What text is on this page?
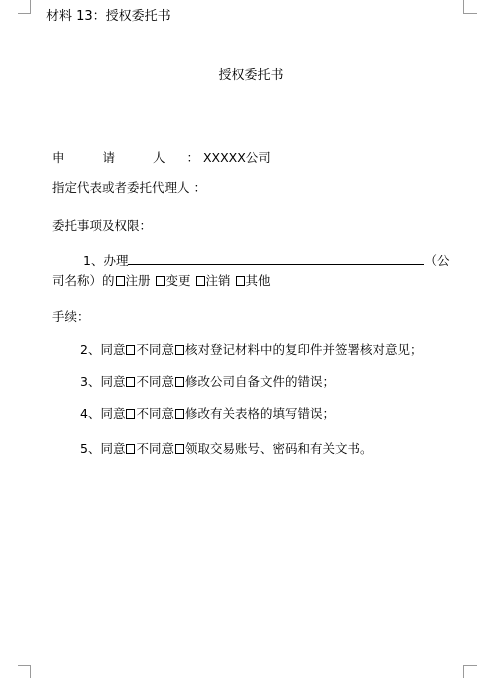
材料 13：授权委托书
授权委托书
申 请 人 ： XXXXX公司
指定代表或者委托代理人 ：
委托事项及权限：
1、办理	（公
司名称）的 注册 变更 注销 其他
手续：
2、同意 不同意 核对登记材料中的复印件并签署核对意见；
3、同意 不同意 修改公司自备文件的错误；
4、同意 不同意 修改有关表格的填写错误；
5、同意 不同意 领取交易账号、密码和有关文书。
